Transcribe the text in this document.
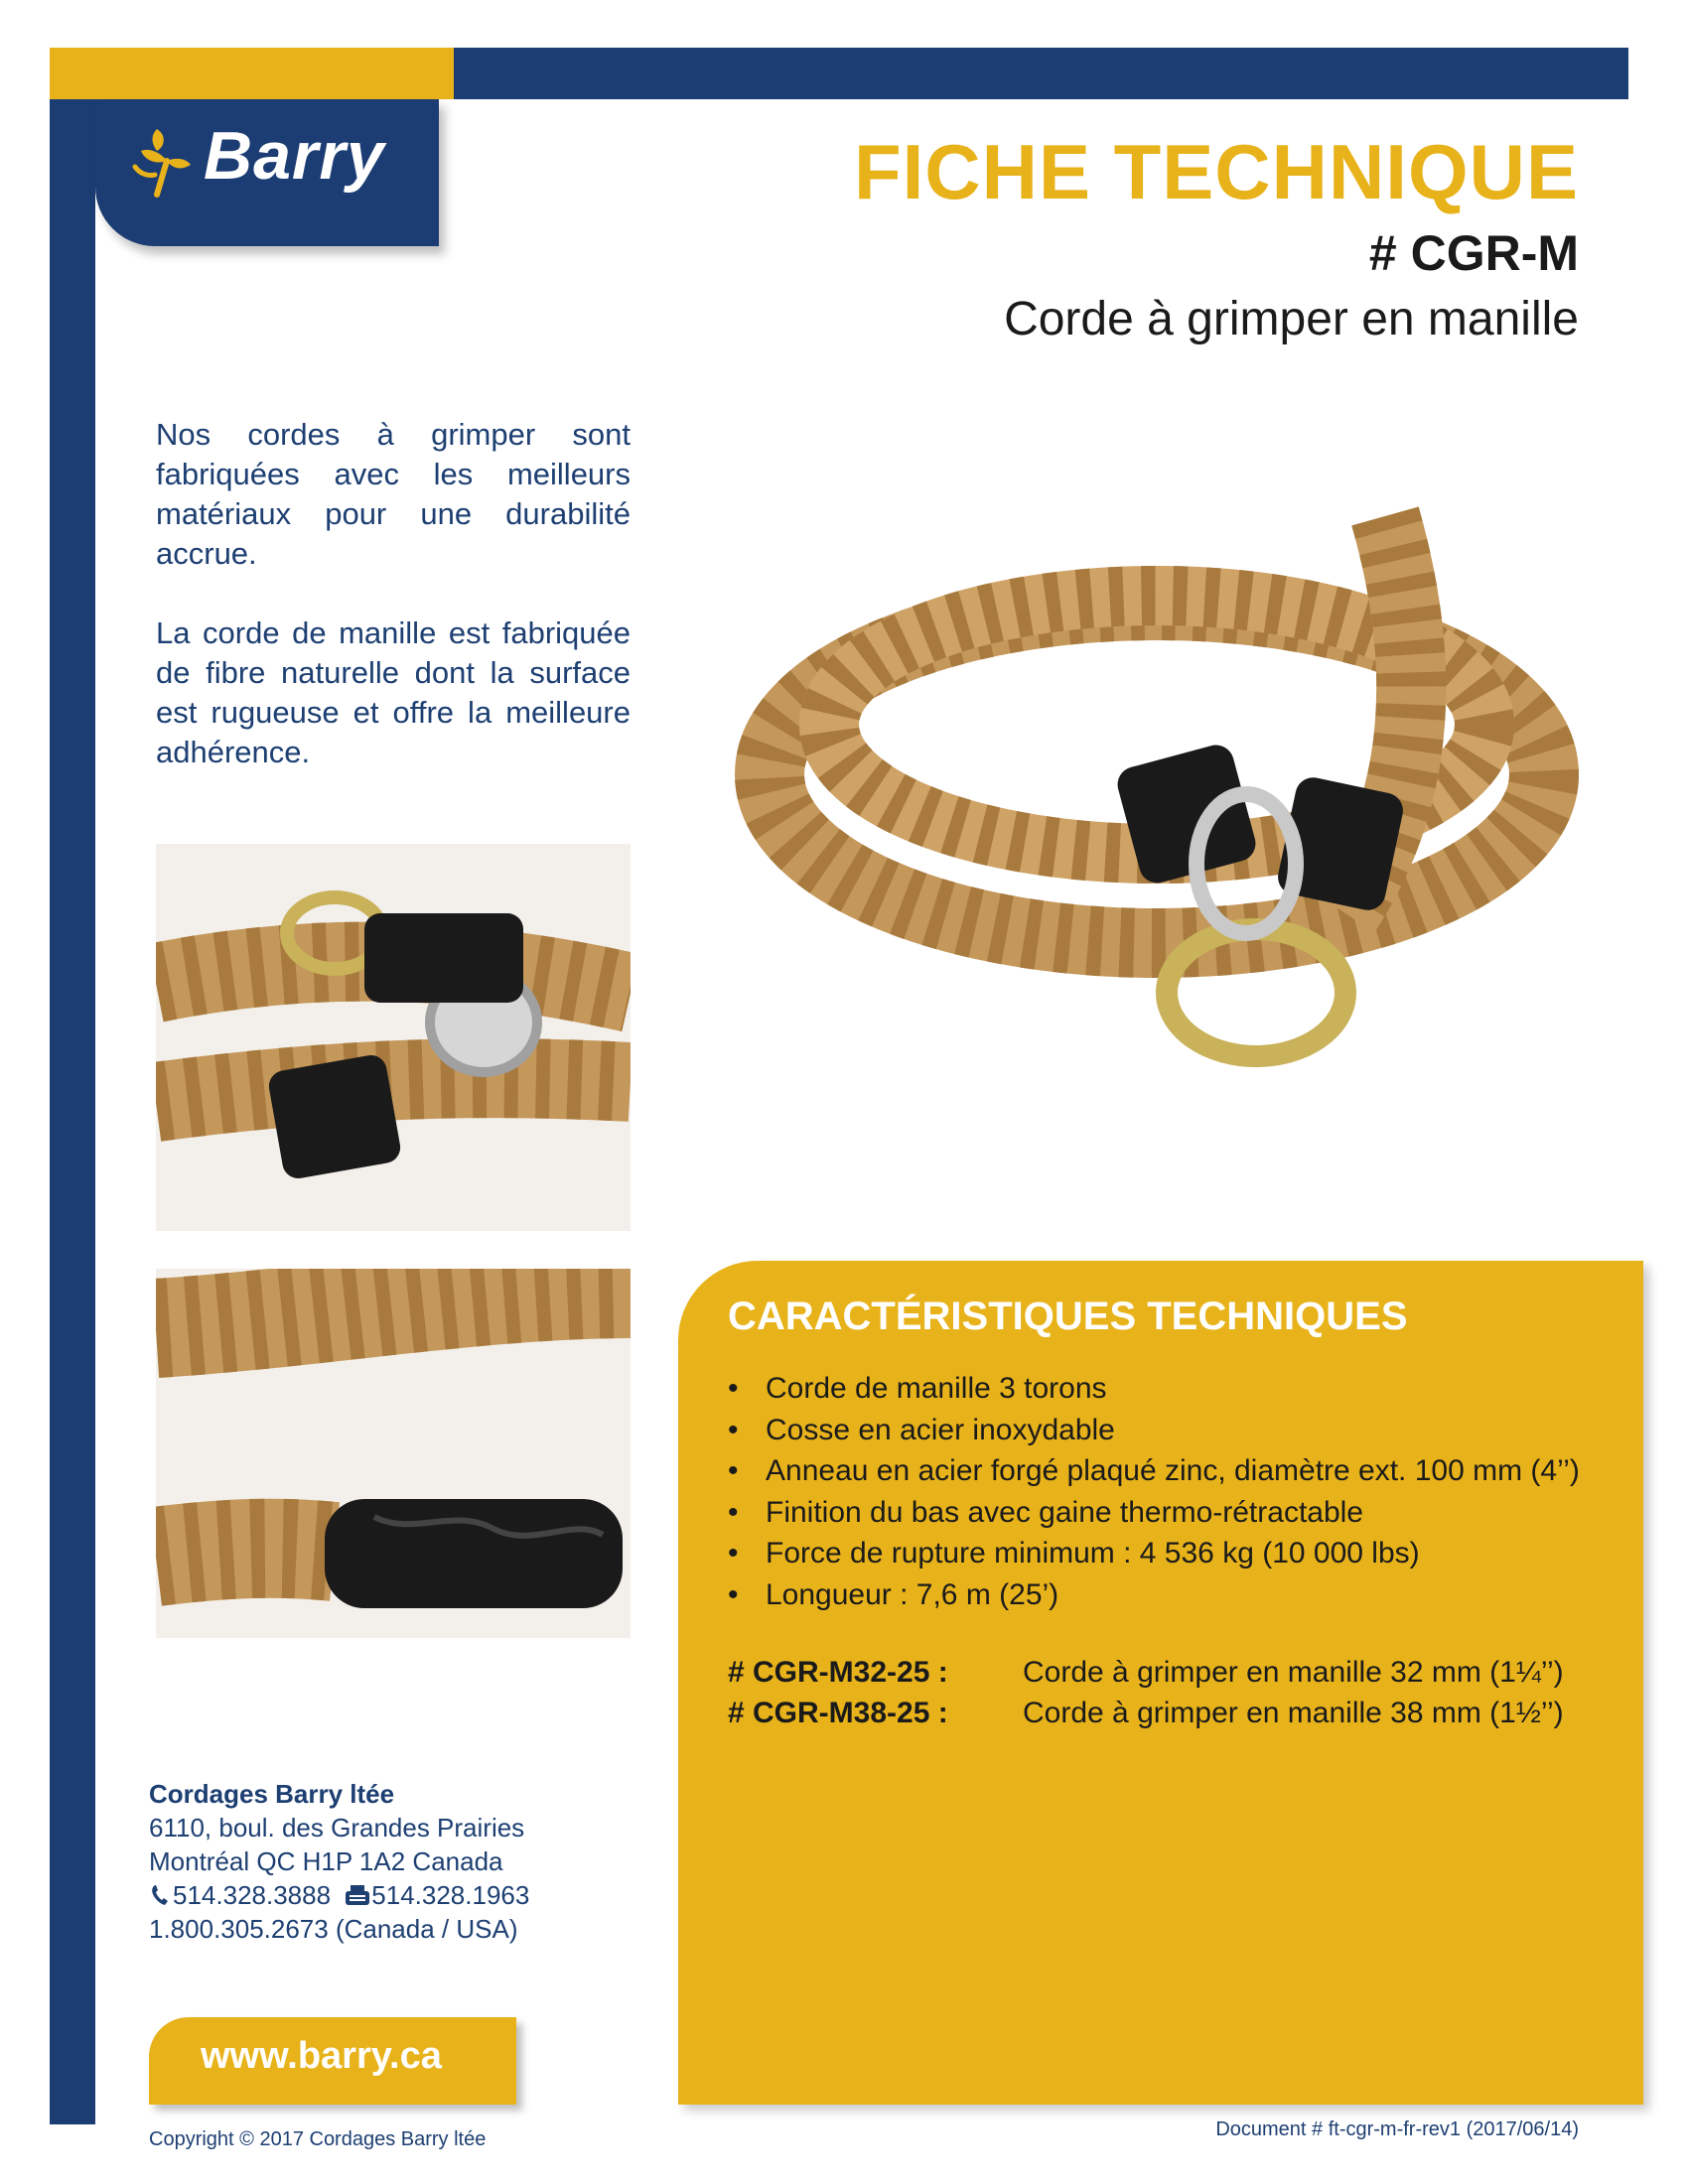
Barry	FICHE TECHNIQUE
# CGR-M
Corde à grimper en manille
Nos cordes à grimper sont fabriquées avec les meilleurs matériaux pour une durabilité accrue.
La corde de manille est fabriquée de fibre naturelle dont la surface est rugueuse et offre la meilleure adhérence.
CARACTÉRISTIQUES TECHNIQUES
• Corde de manille 3 torons
• Cosse en acier inoxydable
• Anneau en acier forgé plaqué zinc, diamètre ext. 100 mm (4’’)
• Finition du bas avec gaine thermo-rétractable
• Force de rupture minimum : 4 536 kg (10 000 lbs)
• Longueur : 7,6 m (25’)
# CGR-M32-25 :	Corde à grimper en manille 32 mm (1¼’’)
# CGR-M38-25 :	Corde à grimper en manille 38 mm (1½’’)
Cordages Barry ltée
6110, boul. des Grandes Prairies
Montréal QC H1P 1A2 Canada
514.328.3888 514.328.1963
1.800.305.2673 (Canada / USA)
www.barry.ca
Copyright © 2017 Cordages Barry ltée	Document # ft-cgr-m-fr-rev1 (2017/06/14)
